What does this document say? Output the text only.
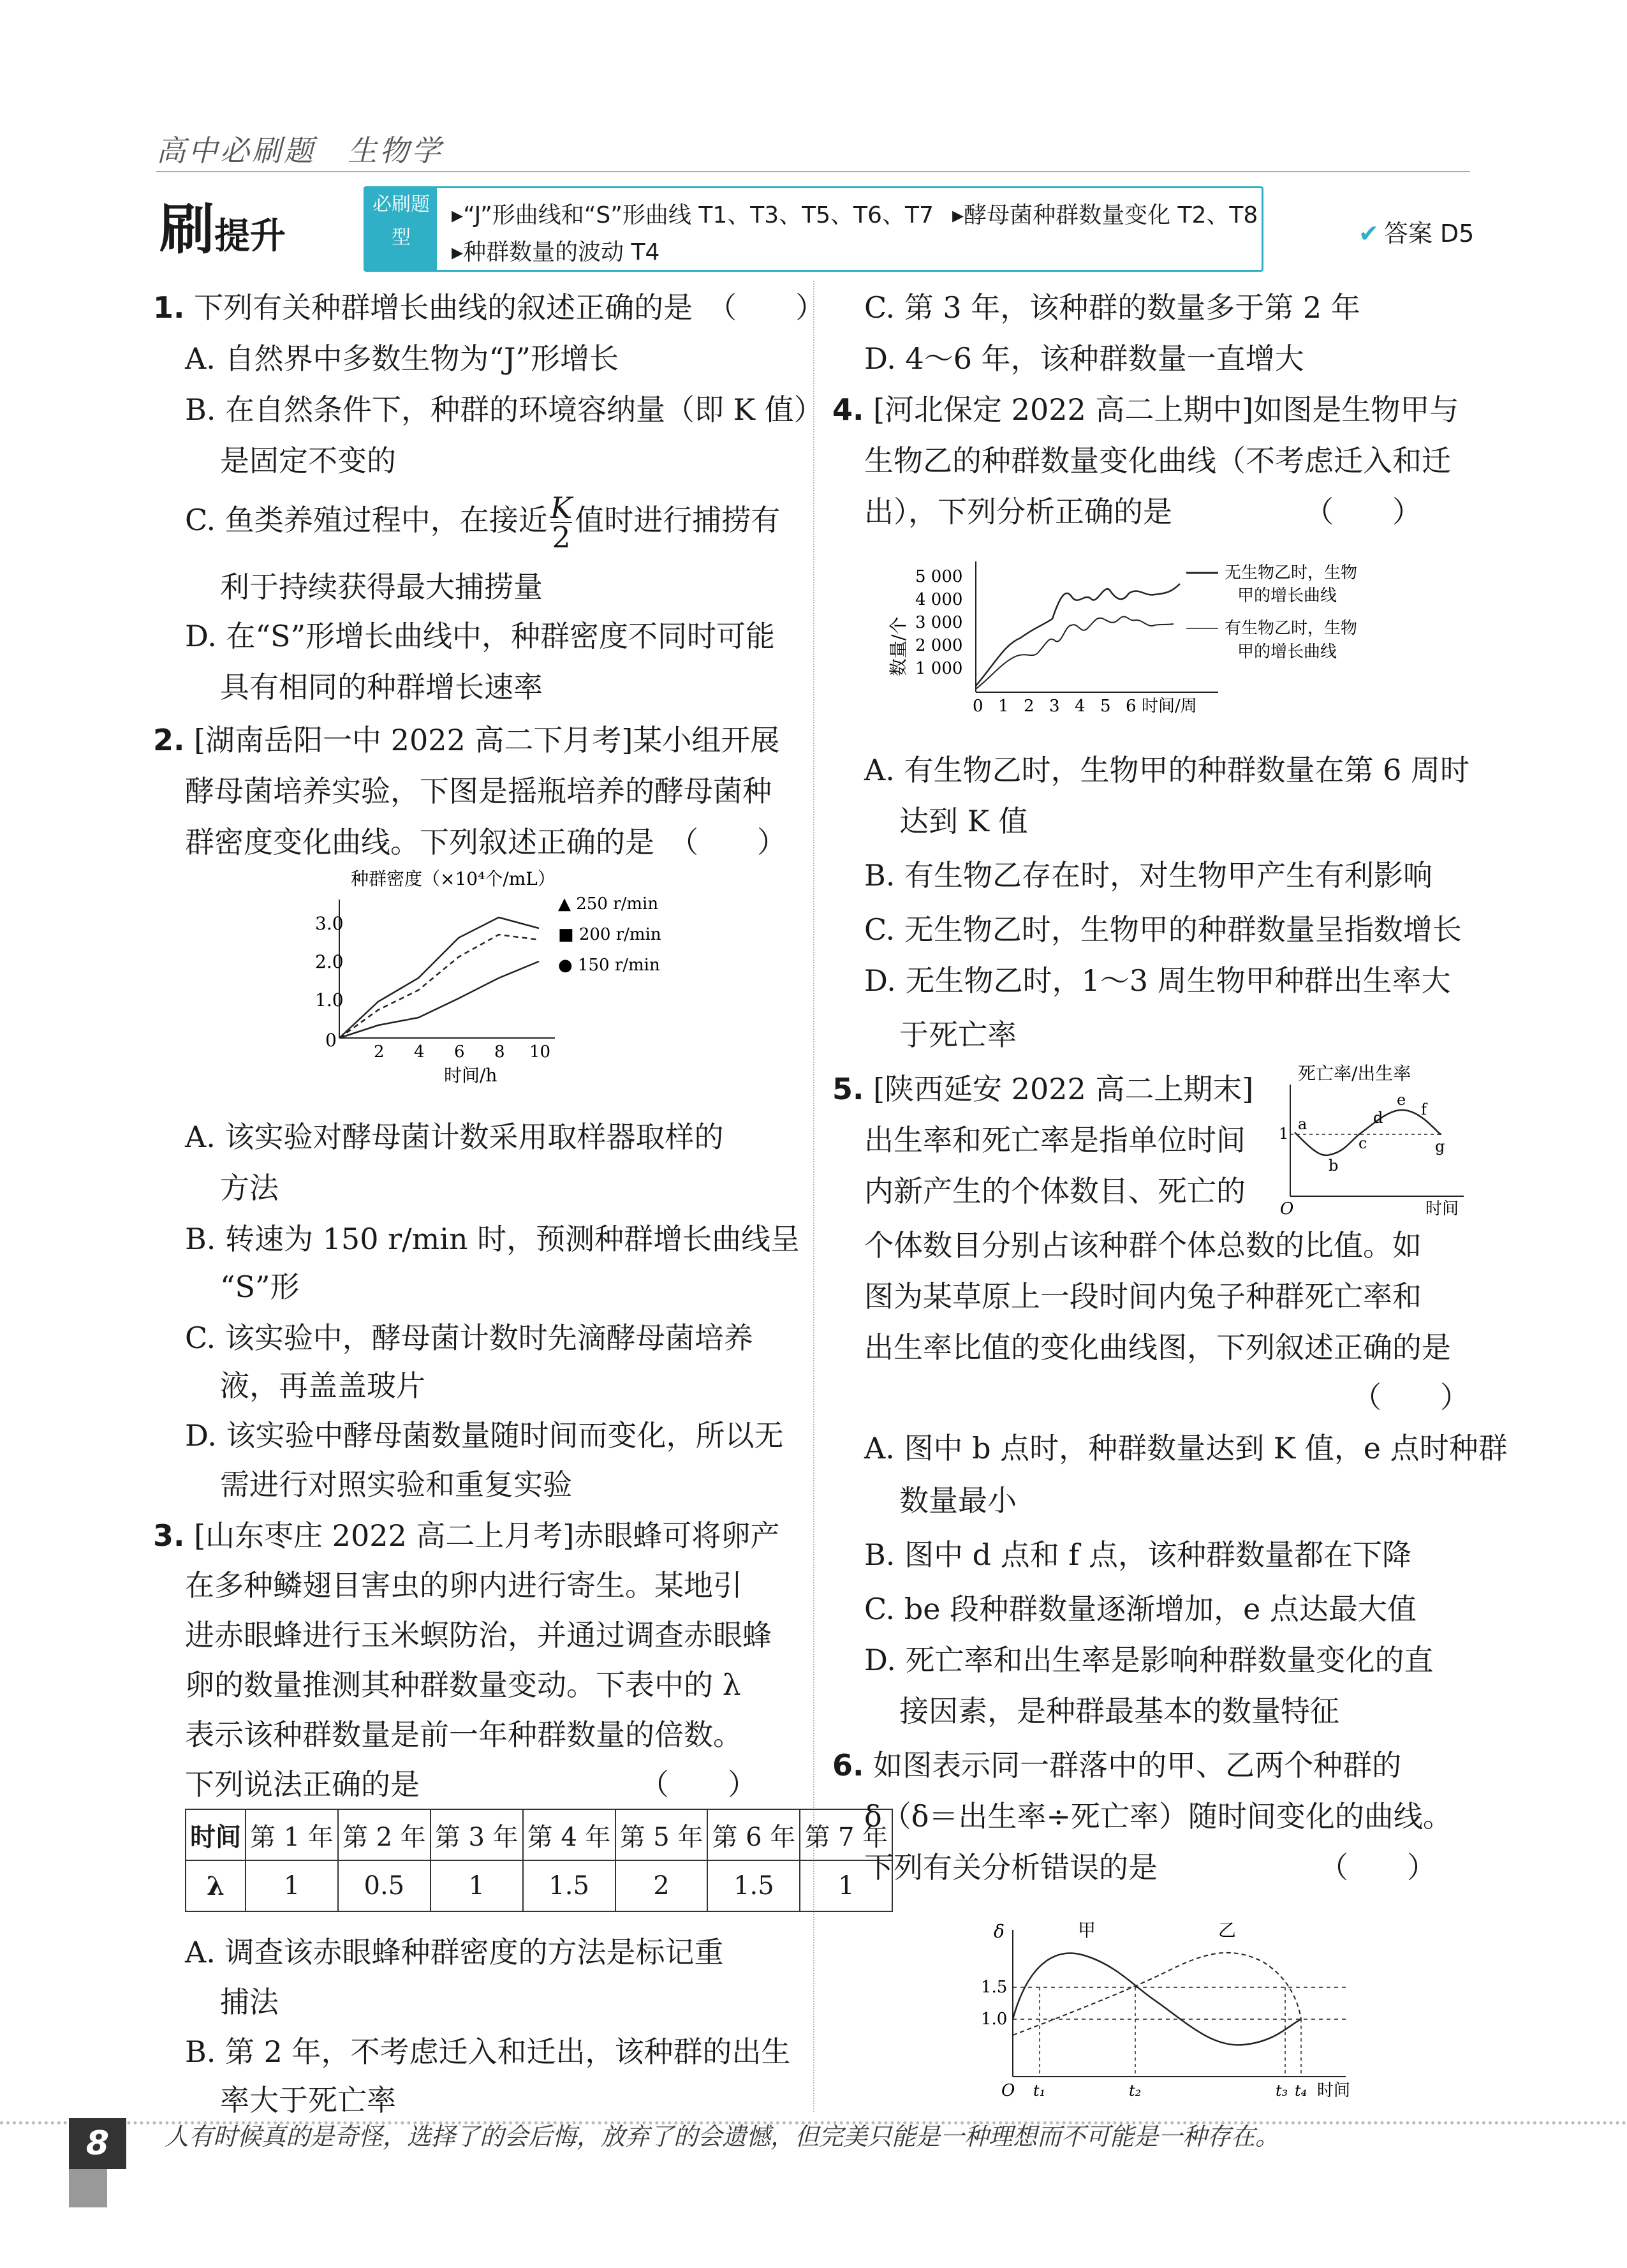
高中必刷题　生物学
刷提升
必刷题型
▸“J”形曲线和“S”形曲线 T1、T3、T5、T6、T7 ▸酵母菌种群数量变化 T2、T8
▸种群数量的波动 T4
✔ 答案 D5
1. 下列有关种群增长曲线的叙述正确的是　（　　）
A. 自然界中多数生物为“J”形增长
B. 在自然条件下，种群的环境容纳量（即 K 值）
是固定不变的
C. 鱼类养殖过程中，在接近 $\frac{K}{2}$ 值时进行捕捞有
利于持续获得最大捕捞量
D. 在“S”形增长曲线中，种群密度不同时可能
具有相同的种群增长速率
2. [湖南岳阳一中 2022 高二下月考]某小组开展
酵母菌培养实验，下图是摇瓶培养的酵母菌种
群密度变化曲线。下列叙述正确的是　（　　）
种群密度（×10⁴个/mL）
3.0
2.0
1.0
0
2 4 6 8 10
时间/h
▲ 250 r/min
■ 200 r/min
● 150 r/min
A. 该实验对酵母菌计数采用取样器取样的
方法
B. 转速为 150 r/min 时，预测种群增长曲线呈
“S”形
C. 该实验中，酵母菌计数时先滴酵母菌培养
液，再盖盖玻片
D. 该实验中酵母菌数量随时间而变化，所以无
需进行对照实验和重复实验
3. [山东枣庄 2022 高二上月考]赤眼蜂可将卵产
在多种鳞翅目害虫的卵内进行寄生。某地引
进赤眼蜂进行玉米螟防治，并通过调查赤眼蜂
卵的数量推测其种群数量变动。下表中的 λ
表示该种群数量是前一年种群数量的倍数。
下列说法正确的是　　　　　　　　（　　）
时间	第 1 年	第 2 年	第 3 年	第 4 年	第 5 年	第 6 年	第 7 年
λ	1	0.5	1	1.5	2	1.5	1
A. 调查该赤眼蜂种群密度的方法是标记重
捕法
B. 第 2 年，不考虑迁入和迁出，该种群的出生
率大于死亡率
C. 第 3 年，该种群的数量多于第 2 年
D. 4～6 年，该种群数量一直增大
4. [河北保定 2022 高二上期中]如图是生物甲与
生物乙的种群数量变化曲线（不考虑迁入和迁
出），下列分析正确的是　　　　　（　　）
数量/个
5 000
4 000
3 000
2 000
1 000
0 1 2 3 4 5 6 时间/周
无生物乙时，生物
甲的增长曲线
有生物乙时，生物
甲的增长曲线
A. 有生物乙时，生物甲的种群数量在第 6 周时
达到 K 值
B. 有生物乙存在时，对生物甲产生有利影响
C. 无生物乙时，生物甲的种群数量呈指数增长
D. 无生物乙时，1～3 周生物甲种群出生率大
于死亡率
5. [陕西延安 2022 高二上期末]
出生率和死亡率是指单位时间
内新产生的个体数目、死亡的
个体数目分别占该种群个体总数的比值。如
图为某草原上一段时间内兔子种群死亡率和
出生率比值的变化曲线图，下列叙述正确的是
（　　）
死亡率/出生率
1
O	时间
a
b
c
d
e
f
g
A. 图中 b 点时，种群数量达到 K 值，e 点时种群
数量最小
B. 图中 d 点和 f 点，该种群数量都在下降
C. be 段种群数量逐渐增加，e 点达最大值
D. 死亡率和出生率是影响种群数量变化的直
接因素，是种群最基本的数量特征
6. 如图表示同一群落中的甲、乙两个种群的
δ（δ＝出生率÷死亡率）随时间变化的曲线。
下列有关分析错误的是　　　　　　（　　）
δ
1.5
1.0
O t₁	t₂	t₃ t₄ 时间
甲	乙
8	人有时候真的是奇怪，选择了的会后悔，放弃了的会遗憾，但完美只能是一种理想而不可能是一种存在。
